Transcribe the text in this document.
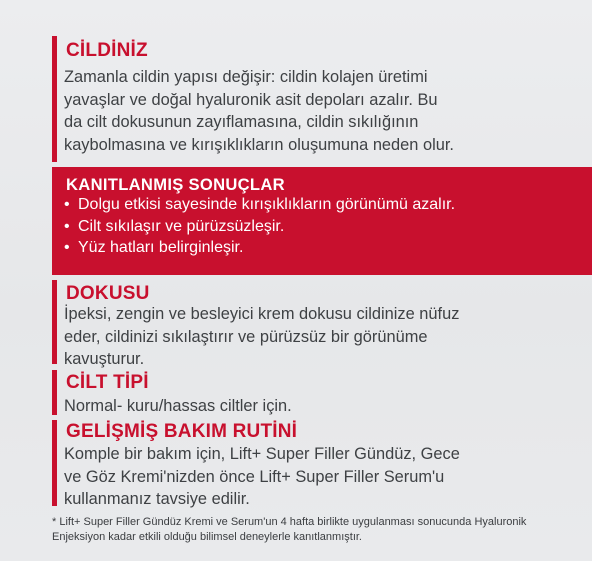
CİLDİNİZ
Zamanla cildin yapısı değişir: cildin kolajen üretimi
yavaşlar ve doğal hyaluronik asit depoları azalır. Bu
da cilt dokusunun zayıflamasına, cildin sıkılığının
kaybolmasına ve kırışıklıkların oluşumuna neden olur.
KANITLANMIŞ SONUÇLAR
• Dolgu etkisi sayesinde kırışıklıkların görünümü azalır.
• Cilt sıkılaşır ve pürüzsüzleşir.
• Yüz hatları belirginleşir.
DOKUSU
İpeksi, zengin ve besleyici krem dokusu cildinize nüfuz
eder, cildinizi sıkılaştırır ve pürüzsüz bir görünüme
kavuşturur.
CİLT TİPİ
Normal- kuru/hassas ciltler için.
GELİŞMİŞ BAKIM RUTİNİ
Komple bir bakım için, Lift+ Super Filler Gündüz, Gece
ve Göz Kremi'nizden önce Lift+ Super Filler Serum'u
kullanmanız tavsiye edilir.
* Lift+ Super Filler Gündüz Kremi ve Serum'un 4 hafta birlikte uygulanması sonucunda Hyaluronik
Enjeksiyon kadar etkili olduğu bilimsel deneylerle kanıtlanmıştır.
